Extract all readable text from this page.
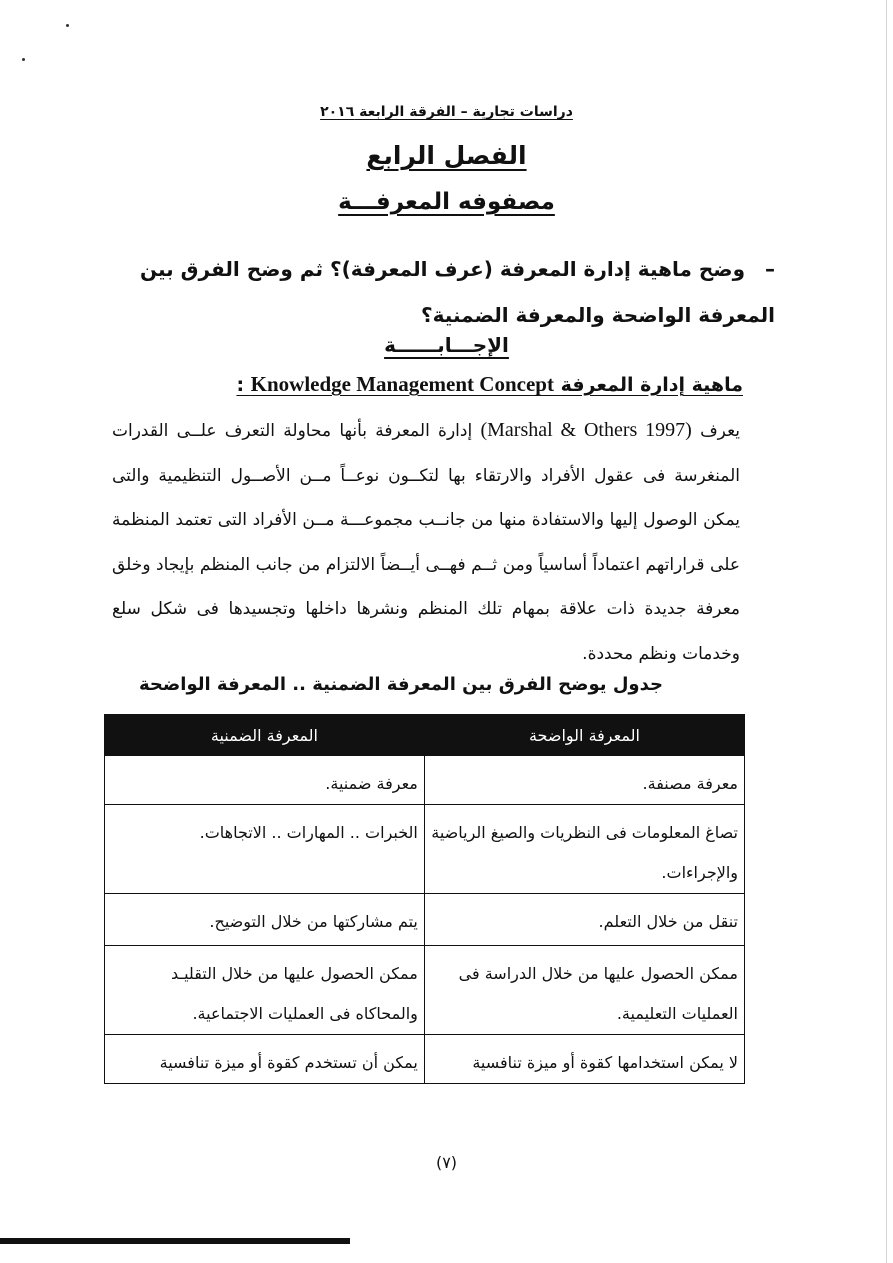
دراسات تجارية – الفرقة الرابعة ٢٠١٦
الفصل الرابع
مصفوفه المعرفـــة
–وضح ماهية إدارة المعرفة (عرف المعرفة)؟ ثم وضح الفرق بين المعرفة الواضحة والمعرفة الضمنية؟
الإجـــابــــــة
ماهية إدارة المعرفة Knowledge Management Concept :
يعرف (Marshal & Others 1997) إدارة المعرفة بأنها محاولة التعرف علــى القدرات المنغرسة فى عقول الأفراد والارتقاء بها لتكــون نوعــاً مــن الأصــول التنظيمية والتى يمكن الوصول إليها والاستفادة منها من جانــب مجموعـــة مــن الأفراد التى تعتمد المنظمة على قراراتهم اعتماداً أساسياً ومن ثــم فهــى أيــضاً الالتزام من جانب المنظم بإيجاد وخلق معرفة جديدة ذات علاقة بمهام تلك المنظم ونشرها داخلها وتجسيدها فى شكل سلع وخدمات ونظم محددة.
جدول يوضح الفرق بين المعرفة الضمنية .. المعرفة الواضحة
المعرفة الواضحة	المعرفة الضمنية
معرفة مصنفة.	معرفة ضمنية.
تصاغ المعلومات فى النظريات والصيغ الرياضية والإجراءات.	الخبرات .. المهارات .. الاتجاهات.
تنقل من خلال التعلم.	يتم مشاركتها من خلال التوضيح.
ممكن الحصول عليها من خلال الدراسة فى العمليات التعليمية.	ممكن الحصول عليها من خلال التقليـد والمحاكاه فى العمليات الاجتماعية.
لا يمكن استخدامها كقوة أو ميزة تنافسية	يمكن أن تستخدم كقوة أو ميزة تنافسية
(٧)
